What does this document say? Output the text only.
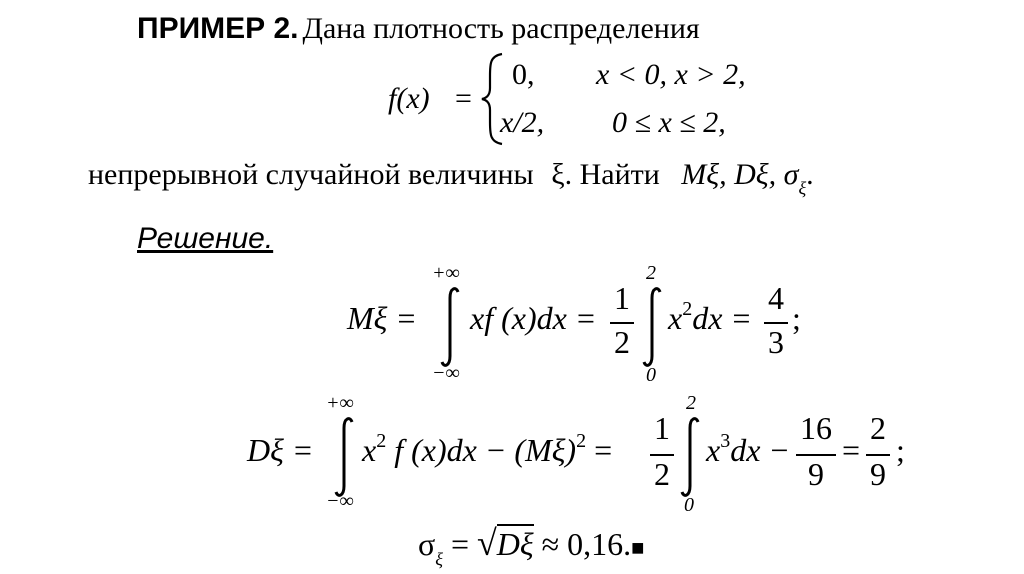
ПРИМЕР 2. Дана плотность распределения
f(x) =
0, x < 0, x > 2,
x/2, 0 ≤ x ≤ 2,
непрерывной случайной величины ξ. Найти Mξ, Dξ, $\sigma_\xi$.
Решение.
Mξ =
+∞
−∞
xf (x)dx =
1
2
2
0
$x^2dx$ =
4
3
;
Dξ =
+∞
−∞
$x^2$ f $(x)dx - (M\xi)^2$ =
1
2
2
0
$x^3dx$ −
16
9
=
2
9
;
$\sigma_\xi = √D\xi$ ≈ 0,16.■
